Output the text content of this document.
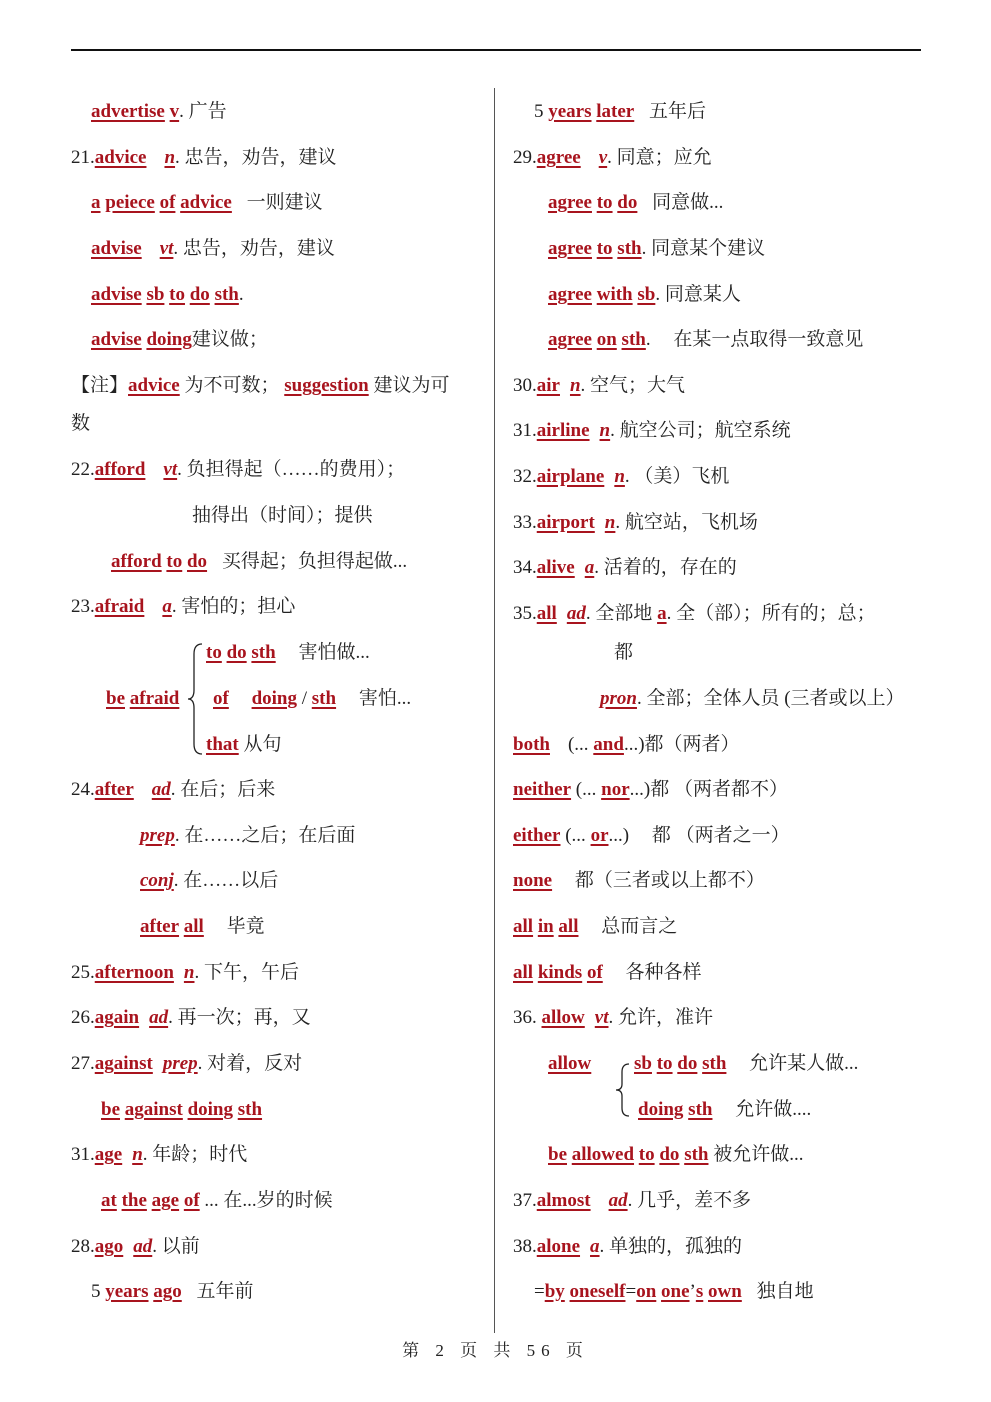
advertise v. 广告
21.advice n. 忠告，劝告，建议
a peiece of advice 一则建议
advise vt. 忠告，劝告，建议
advise sb to do sth.
advise doing建议做；
【注】advice 为不可数； suggestion 建议为可
数
22.afford vt. 负担得起（……的费用）；
抽得出（时间）；提供
afford to do 买得起；负担得起做...
23.afraid a. 害怕的；担心
be afraid
to do sth 害怕做...
of doing / sth 害怕...
that 从句
24.after ad. 在后；后来
prep. 在……之后；在后面
conj. 在……以后
after all 毕竟
25.afternoon n. 下午，午后
26.again ad. 再一次；再，又
27.against prep. 对着，反对
be against doing sth
31.age n. 年龄；时代
at the age of ... 在...岁的时候
28.ago ad. 以前
5 years ago 五年前
5 years later 五年后
29.agree v. 同意；应允
agree to do 同意做...
agree to sth. 同意某个建议
agree with sb. 同意某人
agree on sth. 在某一点取得一致意见
30.air n. 空气；大气
31.airline n. 航空公司；航空系统
32.airplane n. （美）飞机
33.airport n. 航空站，飞机场
34.alive a. 活着的，存在的
35.all ad. 全部地 a. 全（部）；所有的；总；
都
pron. 全部；全体人员 (三者或以上）
both (... and...)都（两者）
neither (... nor...)都 （两者都不）
either (... or...) 都 （两者之一）
none 都（三者或以上都不）
all in all 总而言之
all kinds of 各种各样
36. allow vt. 允许，准许
allow sb to do sth 允许某人做...
doing sth 允许做....
be allowed to do sth 被允许做...
37.almost ad. 几乎，差不多
38.alone a. 单独的，孤独的
=by oneself=on one’s own 独自地
第 2 页 共 56 页
